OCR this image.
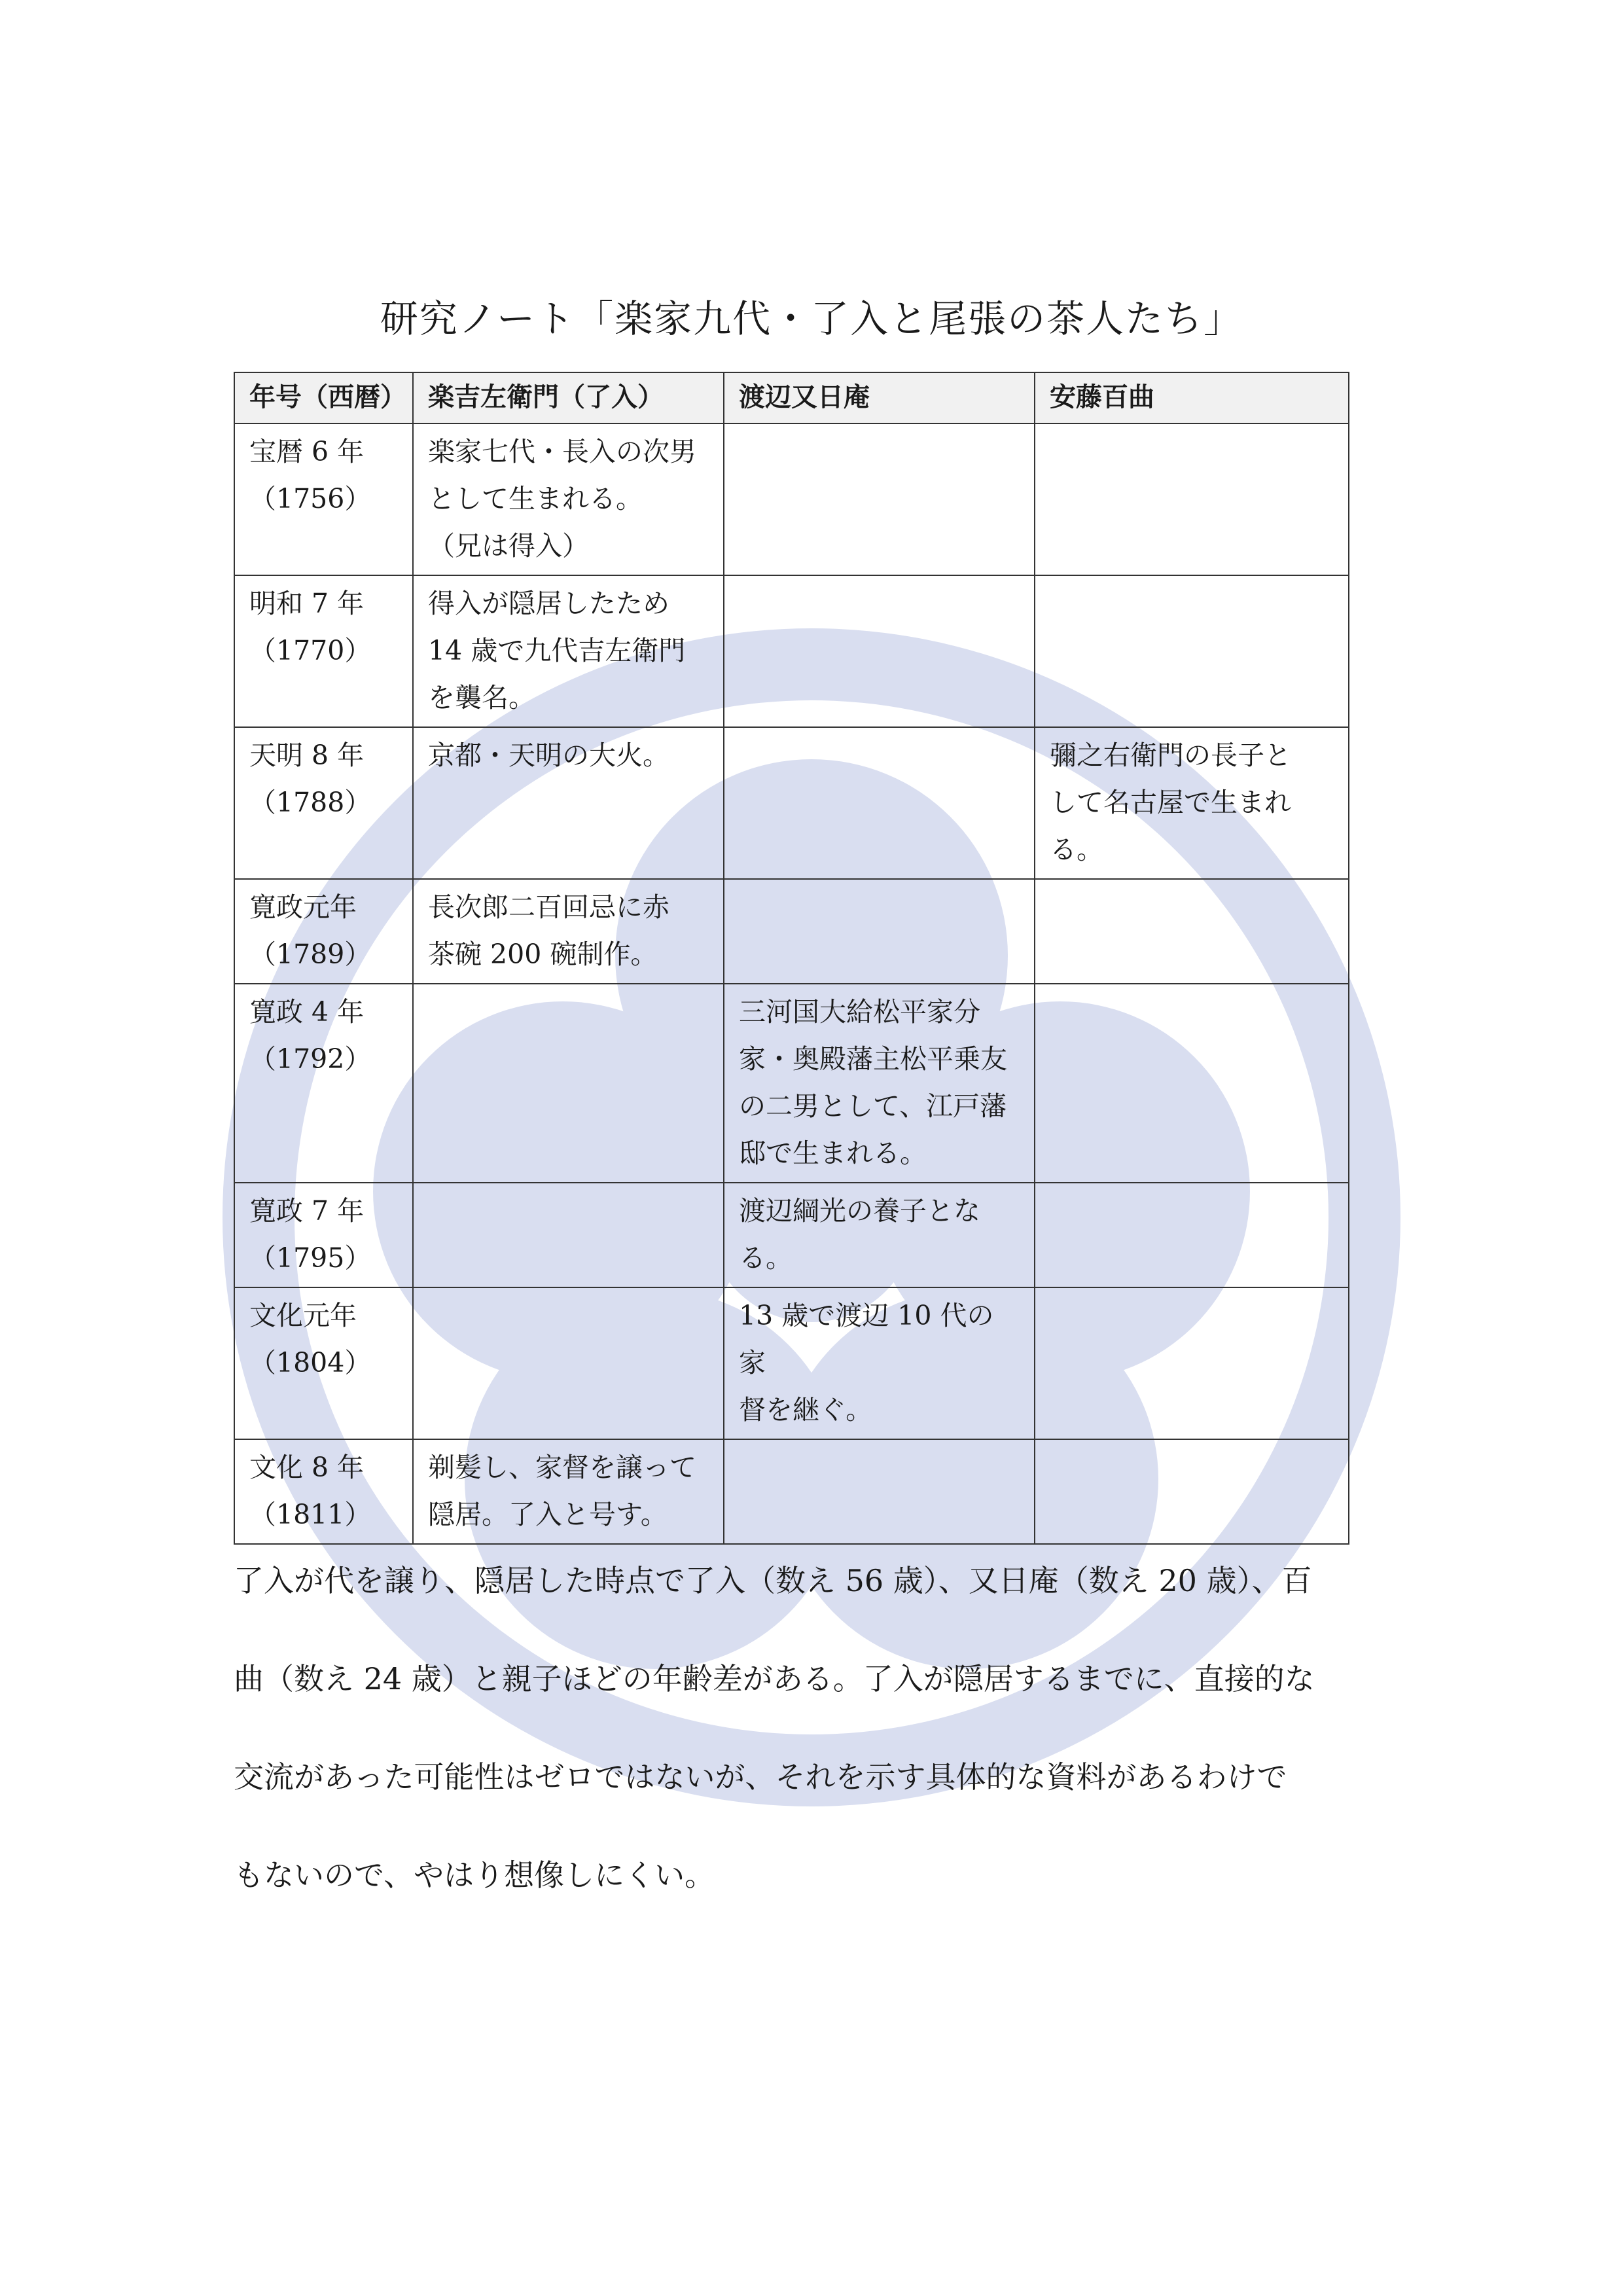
研究ノート「楽家九代・了入と尾張の茶人たち」
年号（西暦）	楽吉左衛門（了入）	渡辺又日庵	安藤百曲

宝暦 6 年
（1756）	楽家七代・長入の次男
として生まれる。
（兄は得入）		

明和 7 年
（1770）	得入が隠居したため
14 歳で九代吉左衛門
を襲名。		

天明 8 年
（1788）	京都・天明の大火。		彌之右衛門の長子と
して名古屋で生まれ
る。

寛政元年
（1789）	長次郎二百回忌に赤
茶碗 200 碗制作。		

寛政 4 年
（1792）		三河国大給松平家分
家・奥殿藩主松平乗友
の二男として、江戸藩
邸で生まれる。	

寛政 7 年
（1795）		渡辺綱光の養子とな
る。	

文化元年
（1804）		13 歳で渡辺 10 代の家
督を継ぐ。	

文化 8 年
（1811）	剃髪し、家督を譲って
隠居。了入と号す。		

了入が代を譲り、隠居した時点で了入（数え 56 歳）、又日庵（数え 20 歳）、百
曲（数え 24 歳）と親子ほどの年齢差がある。了入が隠居するまでに、直接的な
交流があった可能性はゼロではないが、それを示す具体的な資料があるわけで
もないので、やはり想像しにくい。
